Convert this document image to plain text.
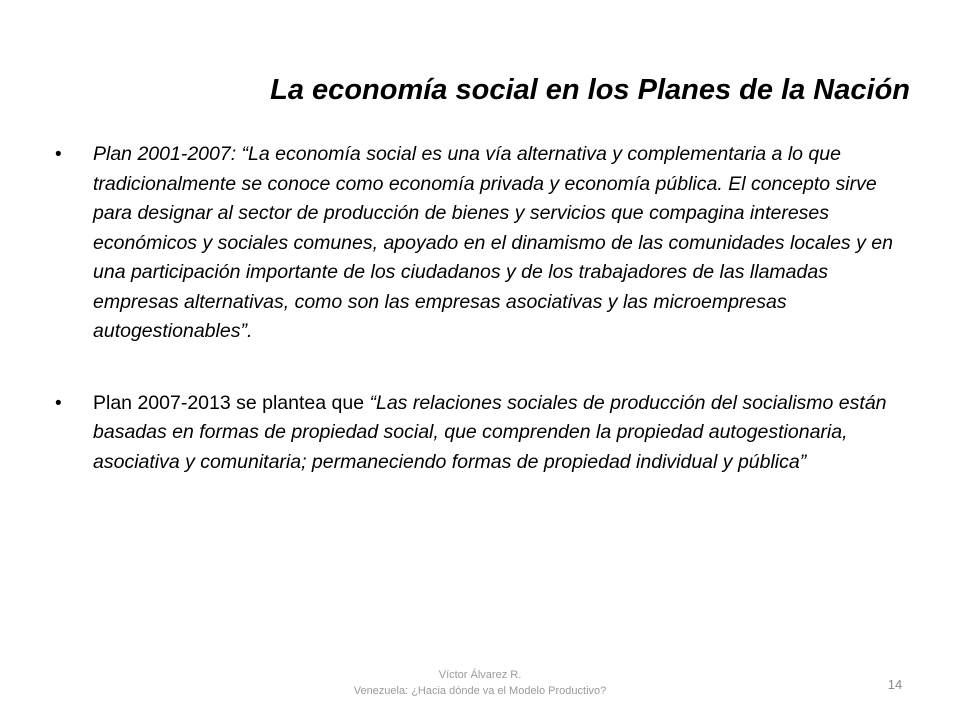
La economía social en los Planes de la Nación
• Plan 2001-2007: “La economía social es una vía alternativa y complementaria a lo que tradicionalmente se conoce como economía privada y economía pública. El concepto sirve para designar al sector de producción de bienes y servicios que compagina intereses económicos y sociales comunes, apoyado en el dinamismo de las comunidades locales y en una participación importante de los ciudadanos y de los trabajadores de las llamadas empresas alternativas, como son las empresas asociativas y las microempresas autogestionables”.
• Plan 2007-2013 se plantea que “Las relaciones sociales de producción del socialismo están basadas en formas de propiedad social, que comprenden la propiedad autogestionaria, asociativa y comunitaria; permaneciendo formas de propiedad individual y pública”
Víctor Álvarez R.
Venezuela: ¿Hacia dónde va el Modelo Productivo?	14
